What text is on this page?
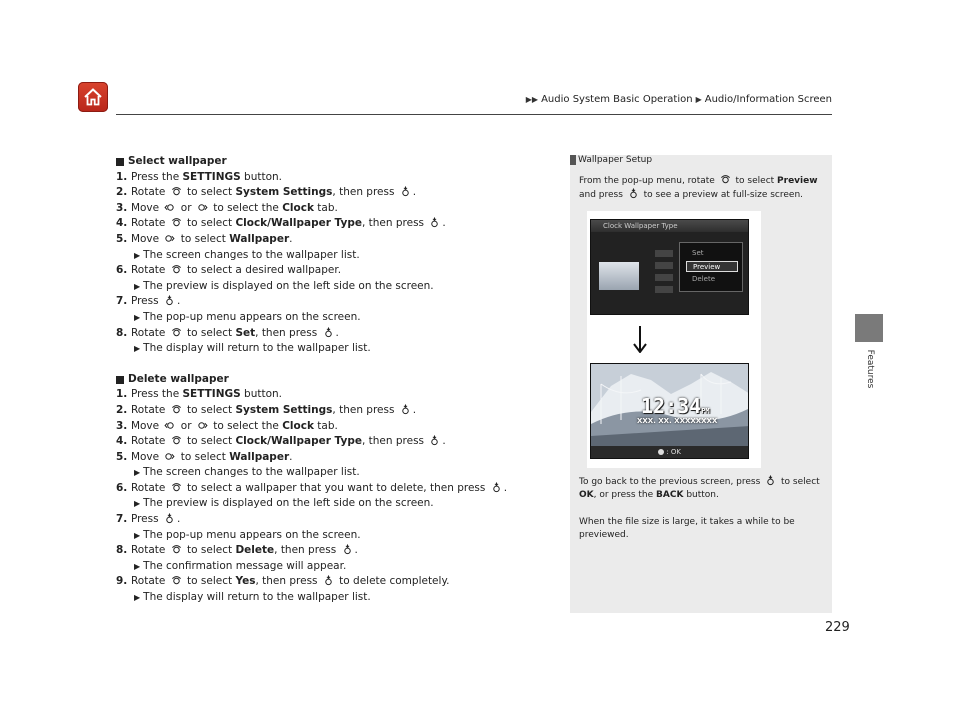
▶▶ Audio System Basic Operation ▶ Audio/Information Screen
Features
Select wallpaper
1. Press the SETTINGS button.
2. Rotate  to select System Settings, then press .
3. Move  or  to select the Clock tab.
4. Rotate  to select Clock/Wallpaper Type, then press .
5. Move  to select Wallpaper.
▶ The screen changes to the wallpaper list.
6. Rotate  to select a desired wallpaper.
▶ The preview is displayed on the left side on the screen.
7. Press .
▶ The pop-up menu appears on the screen.
8. Rotate  to select Set, then press .
▶ The display will return to the wallpaper list.
Delete wallpaper
1. Press the SETTINGS button.
2. Rotate  to select System Settings, then press .
3. Move  or  to select the Clock tab.
4. Rotate  to select Clock/Wallpaper Type, then press .
5. Move  to select Wallpaper.
▶ The screen changes to the wallpaper list.
6. Rotate  to select a wallpaper that you want to delete, then press .
▶ The preview is displayed on the left side on the screen.
7. Press .
▶ The pop-up menu appears on the screen.
8. Rotate  to select Delete, then press .
▶ The confirmation message will appear.
9. Rotate  to select Yes, then press  to delete completely.
▶ The display will return to the wallpaper list.
Wallpaper Setup
From the pop-up menu, rotate  to select Preview
and press  to see a preview at full-size screen.
To go back to the previous screen, press  to select
OK, or press the BACK button.
When the file size is large, it takes a while to be
previewed.
Clock Wallpaper Type
Set
Preview
Delete
12:34PM
XXX. XX. XXXXXXXX
: OK
229
